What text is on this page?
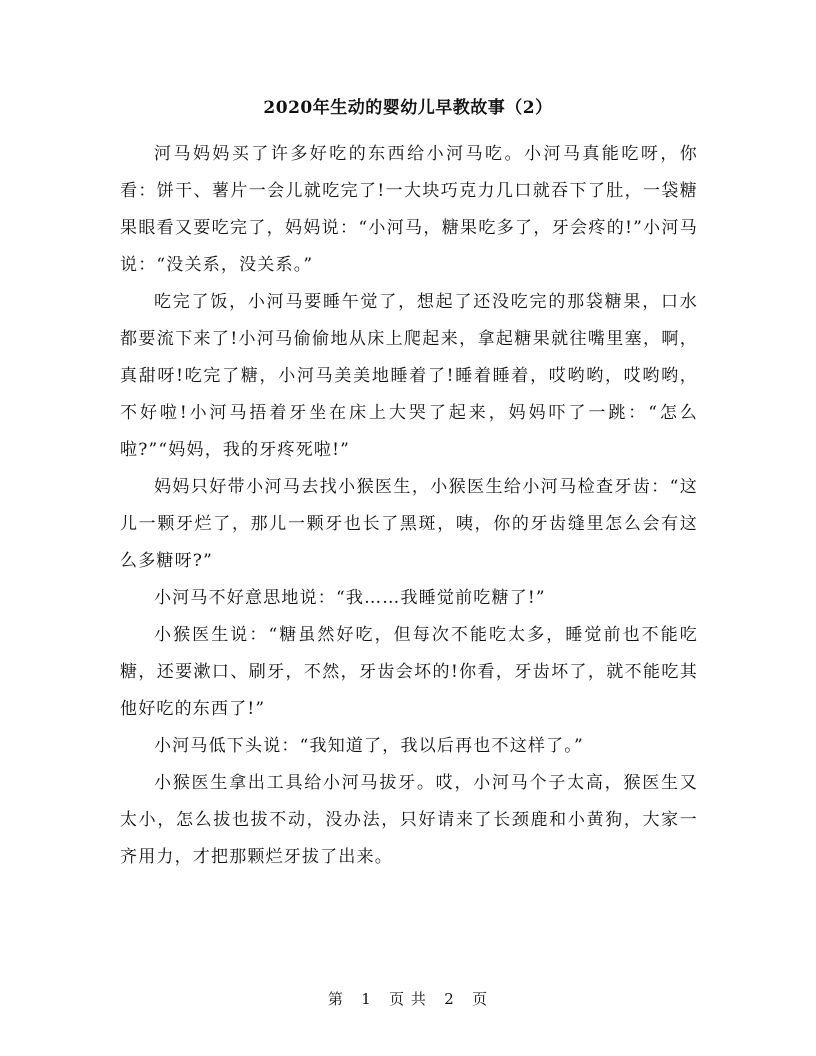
2020年生动的婴幼儿早教故事（2）

河马妈妈买了许多好吃的东西给小河马吃。小河马真能吃呀，你看：饼干、薯片一会儿就吃完了!一大块巧克力几口就吞下了肚，一袋糖果眼看又要吃完了，妈妈说：“小河马，糖果吃多了，牙会疼的!”小河马说：“没关系，没关系。”

吃完了饭，小河马要睡午觉了，想起了还没吃完的那袋糖果，口水都要流下来了!小河马偷偷地从床上爬起来，拿起糖果就往嘴里塞，啊，真甜呀!吃完了糖，小河马美美地睡着了!睡着睡着，哎哟哟，哎哟哟，不好啦!小河马捂着牙坐在床上大哭了起来，妈妈吓了一跳：“怎么啦?”“妈妈，我的牙疼死啦!”

妈妈只好带小河马去找小猴医生，小猴医生给小河马检查牙齿：“这儿一颗牙烂了，那儿一颗牙也长了黑斑，咦，你的牙齿缝里怎么会有这么多糖呀?”

小河马不好意思地说：“我……我睡觉前吃糖了!”

小猴医生说：“糖虽然好吃，但每次不能吃太多，睡觉前也不能吃糖，还要漱口、刷牙，不然，牙齿会坏的!你看，牙齿坏了，就不能吃其他好吃的东西了!”

小河马低下头说：“我知道了，我以后再也不这样了。”

小猴医生拿出工具给小河马拔牙。哎，小河马个子太高，猴医生又太小，怎么拔也拔不动，没办法，只好请来了长颈鹿和小黄狗，大家一齐用力，才把那颗烂牙拔了出来。

第 1 页 共 2 页
